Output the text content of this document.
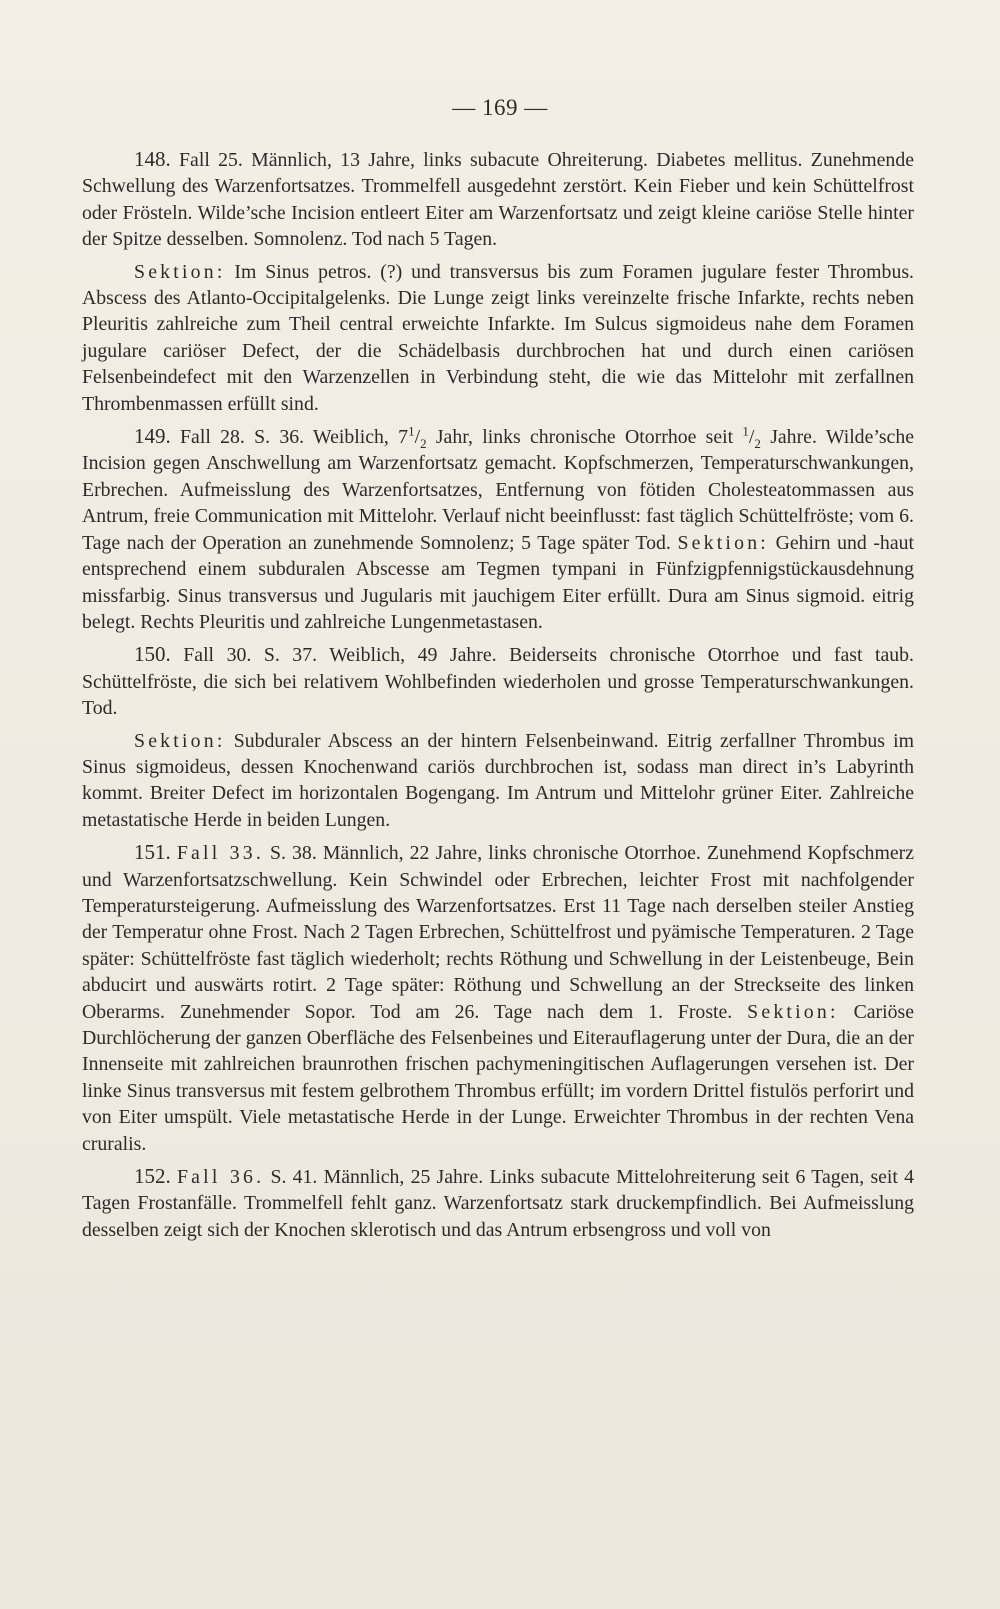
— 169 —

148. Fall 25. Männlich, 13 Jahre, links subacute Ohreiterung. Diabetes mellitus. Zunehmende Schwellung des Warzenfortsatzes. Trommelfell ausgedehnt zerstört. Kein Fieber und kein Schüttelfrost oder Frösteln. Wilde’sche Incision entleert Eiter am Warzenfortsatz und zeigt kleine cariöse Stelle hinter der Spitze desselben. Somnolenz. Tod nach 5 Tagen.

Sektion: Im Sinus petros. (?) und transversus bis zum Foramen jugulare fester Thrombus. Abscess des Atlanto-Occipitalgelenks. Die Lunge zeigt links vereinzelte frische Infarkte, rechts neben Pleuritis zahlreiche zum Theil central erweichte Infarkte. Im Sulcus sigmoideus nahe dem Foramen jugulare cariöser Defect, der die Schädelbasis durchbrochen hat und durch einen cariösen Felsenbeindefect mit den Warzenzellen in Verbindung steht, die wie das Mittelohr mit zerfallnen Thrombenmassen erfüllt sind.

149. Fall 28. S. 36. Weiblich, $7^1/_2$ Jahr, links chronische Otorrhoe seit $^1/_2$ Jahre. Wilde’sche Incision gegen Anschwellung am Warzenfortsatz gemacht. Kopfschmerzen, Temperaturschwankungen, Erbrechen. Aufmeisslung des Warzenfortsatzes, Entfernung von fötiden Cholesteatommassen aus Antrum, freie Communication mit Mittelohr. Verlauf nicht beeinflusst: fast täglich Schüttelfröste; vom 6. Tage nach der Operation an zunehmende Somnolenz; 5 Tage später Tod. Sektion: Gehirn und -haut entsprechend einem subduralen Abscesse am Tegmen tympani in Fünfzigpfennigstückausdehnung missfarbig. Sinus transversus und Jugularis mit jauchigem Eiter erfüllt. Dura am Sinus sigmoid. eitrig belegt. Rechts Pleuritis und zahlreiche Lungenmetastasen.

150. Fall 30. S. 37. Weiblich, 49 Jahre. Beiderseits chronische Otorrhoe und fast taub. Schüttelfröste, die sich bei relativem Wohlbefinden wiederholen und grosse Temperaturschwankungen. Tod.

Sektion: Subduraler Abscess an der hintern Felsenbeinwand. Eitrig zerfallner Thrombus im Sinus sigmoideus, dessen Knochenwand cariös durchbrochen ist, sodass man direct in’s Labyrinth kommt. Breiter Defect im horizontalen Bogengang. Im Antrum und Mittelohr grüner Eiter. Zahlreiche metastatische Herde in beiden Lungen.

151. Fall 33. S. 38. Männlich, 22 Jahre, links chronische Otorrhoe. Zunehmend Kopfschmerz und Warzenfortsatzschwellung. Kein Schwindel oder Erbrechen, leichter Frost mit nachfolgender Temperatursteigerung. Aufmeisslung des Warzenfortsatzes. Erst 11 Tage nach derselben steiler Anstieg der Temperatur ohne Frost. Nach 2 Tagen Erbrechen, Schüttelfrost und pyämische Temperaturen. 2 Tage später: Schüttelfröste fast täglich wiederholt; rechts Röthung und Schwellung in der Leistenbeuge, Bein abducirt und auswärts rotirt. 2 Tage später: Röthung und Schwellung an der Streckseite des linken Oberarms. Zunehmender Sopor. Tod am 26. Tage nach dem 1. Froste. Sektion: Cariöse Durchlöcherung der ganzen Oberfläche des Felsenbeines und Eiterauflagerung unter der Dura, die an der Innenseite mit zahlreichen braunrothen frischen pachymeningitischen Auflagerungen versehen ist. Der linke Sinus transversus mit festem gelbrothem Thrombus erfüllt; im vordern Drittel fistulös perforirt und von Eiter umspült. Viele metastatische Herde in der Lunge. Erweichter Thrombus in der rechten Vena cruralis.

152. Fall 36. S. 41. Männlich, 25 Jahre. Links subacute Mittelohreiterung seit 6 Tagen, seit 4 Tagen Frostanfälle. Trommelfell fehlt ganz. Warzenfortsatz stark druckempfindlich. Bei Aufmeisslung desselben zeigt sich der Knochen sklerotisch und das Antrum erbsengross und voll von
